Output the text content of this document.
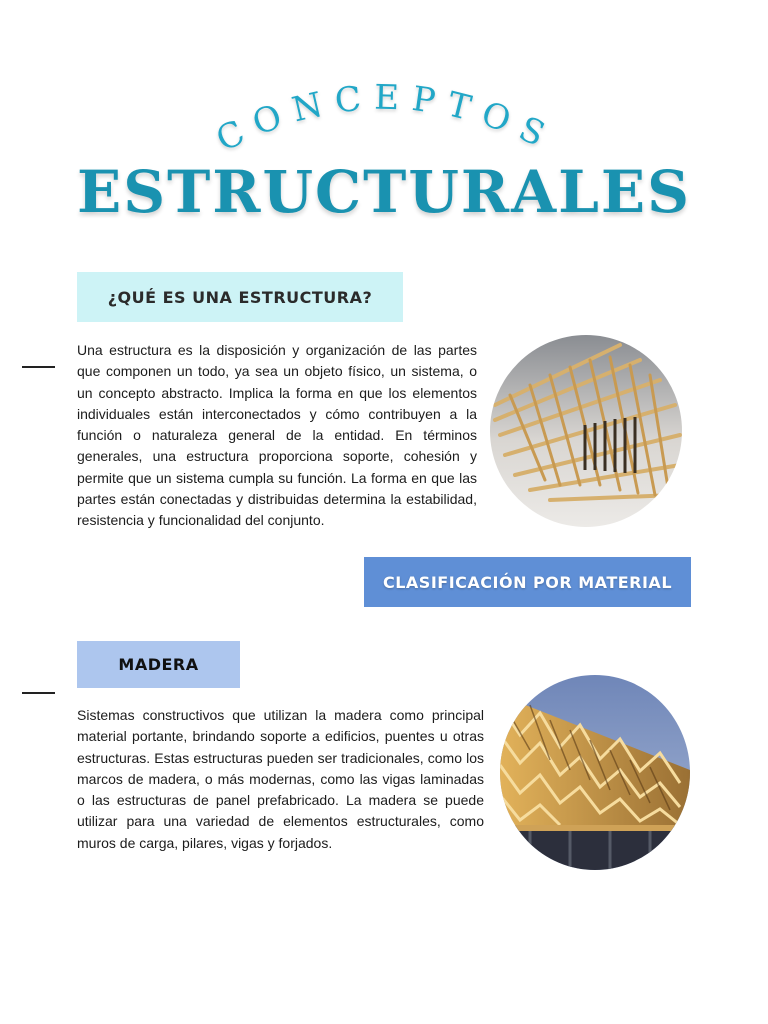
CONCEPTOS
ESTRUCTURALES
¿QUÉ ES UNA ESTRUCTURA?

Una estructura es la disposición y organización de las partes que componen un todo, ya sea un objeto físico, un sistema, o un concepto abstracto. Implica la forma en que los elementos individuales están interconectados y cómo contribuyen a la función o naturaleza general de la entidad. En términos generales, una estructura proporciona soporte, cohesión y permite que un sistema cumpla su función. La forma en que las partes están conectadas y distribuidas determina la estabilidad, resistencia y funcionalidad del conjunto.

CLASIFICACIÓN POR MATERIAL
MADERA

Sistemas constructivos que utilizan la madera como principal material portante, brindando soporte a edificios, puentes u otras estructuras. Estas estructuras pueden ser tradicionales, como los marcos de madera, o más modernas, como las vigas laminadas o las estructuras de panel prefabricado. La madera se puede utilizar para una variedad de elementos estructurales, como muros de carga, pilares, vigas y forjados.
